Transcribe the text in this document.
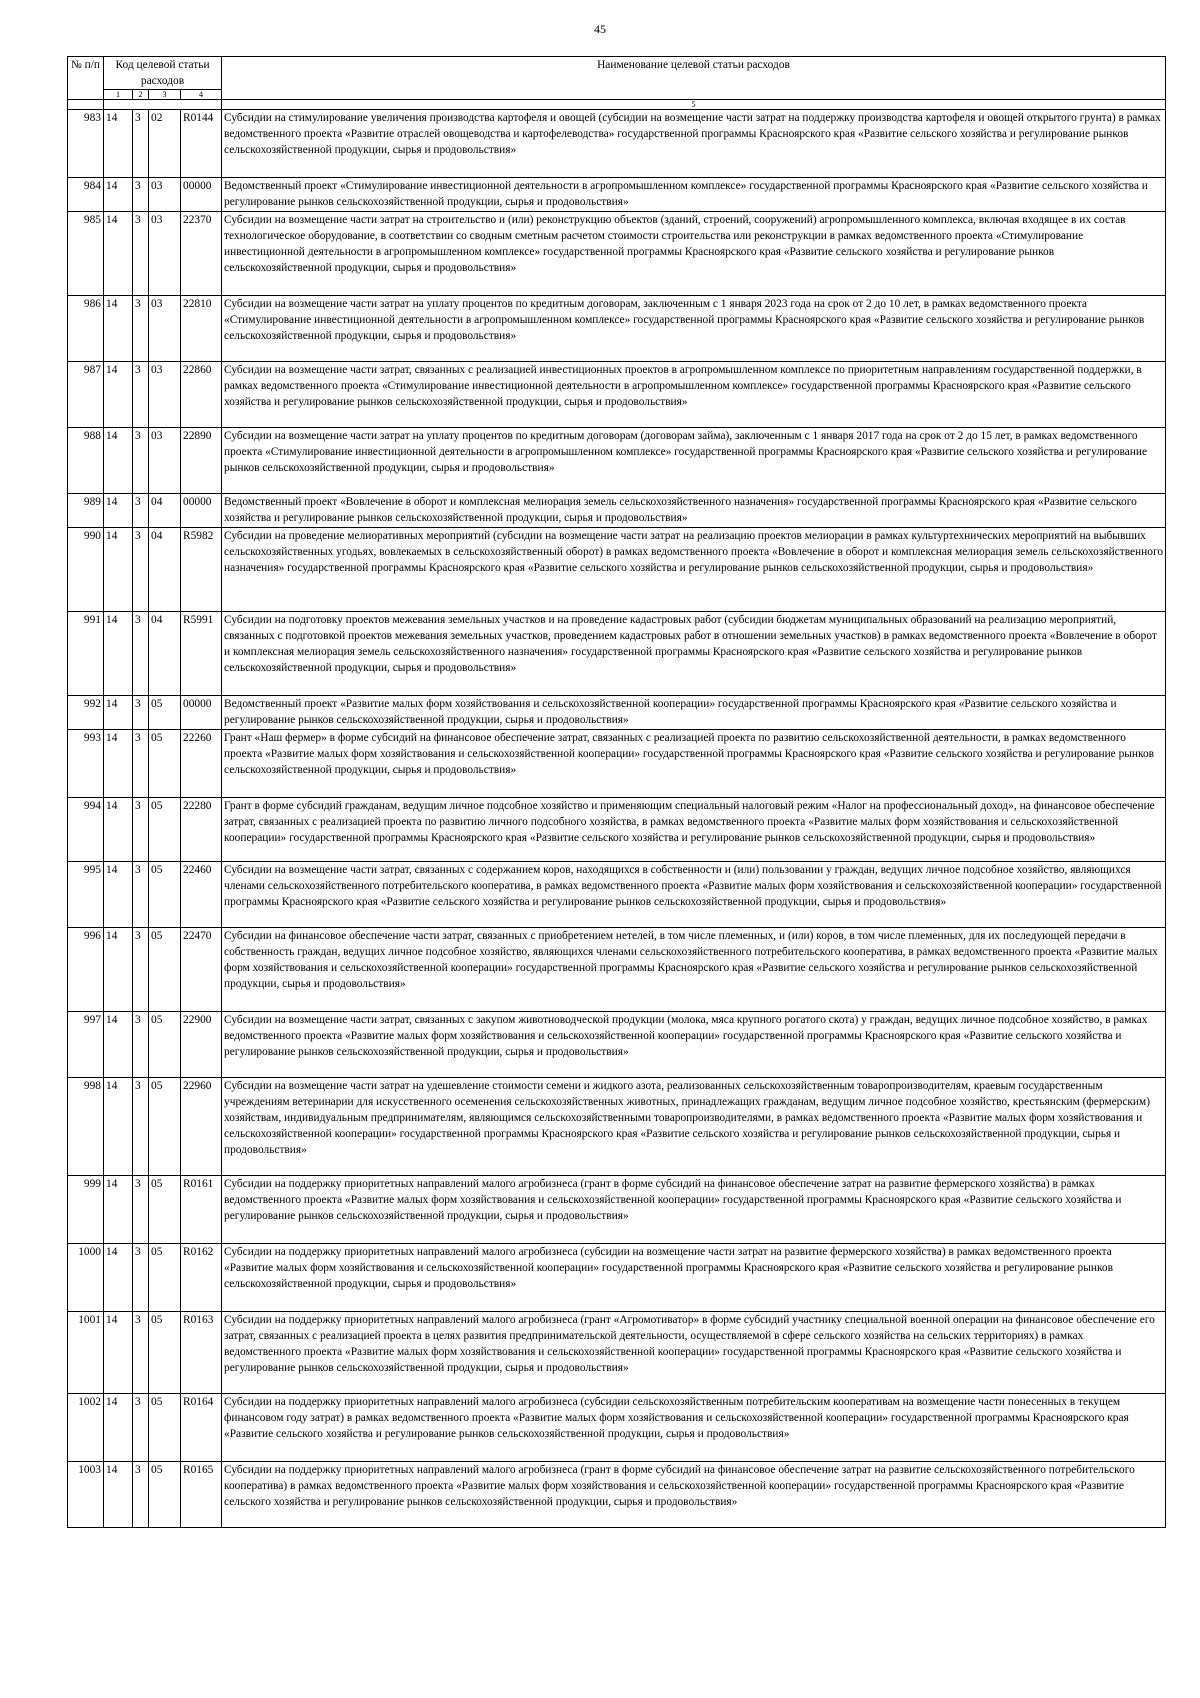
45
№ п/п	Код целевой статьи расходов				Наименование целевой статьи расходов
	1	2	3	4	
					5
983	14	3	02	R0144	Субсидии на стимулирование увеличения производства картофеля и овощей (субсидии на возмещение части затрат на поддержку производства картофеля и овощей открытого грунта) в рамках ведомственного проекта «Развитие отраслей овощеводства и картофелеводства» государственной программы Красноярского края «Развитие сельского хозяйства и регулирование рынков сельскохозяйственной продукции, сырья и продовольствия»
984	14	3	03	00000	Ведомственный проект «Стимулирование инвестиционной деятельности в агропромышленном комплексе» государственной программы Красноярского края «Развитие сельского хозяйства и регулирование рынков сельскохозяйственной продукции, сырья и продовольствия»
985	14	3	03	22370	Субсидии на возмещение части затрат на строительство и (или) реконструкцию объектов (зданий, строений, сооружений) агропромышленного комплекса, включая входящее в их состав технологическое оборудование, в соответствии со сводным сметным расчетом стоимости строительства или реконструкции в рамках ведомственного проекта «Стимулирование инвестиционной деятельности в агропромышленном комплексе» государственной программы Красноярского края «Развитие сельского хозяйства и регулирование рынков сельскохозяйственной продукции, сырья и продовольствия»
986	14	3	03	22810	Субсидии на возмещение части затрат на уплату процентов по кредитным договорам, заключенным с 1 января 2023 года на срок от 2 до 10 лет, в рамках ведомственного проекта «Стимулирование инвестиционной деятельности в агропромышленном комплексе» государственной программы Красноярского края «Развитие сельского хозяйства и регулирование рынков сельскохозяйственной продукции, сырья и продовольствия»
987	14	3	03	22860	Субсидии на возмещение части затрат, связанных с реализацией инвестиционных проектов в агропромышленном комплексе по приоритетным направлениям государственной поддержки, в рамках ведомственного проекта «Стимулирование инвестиционной деятельности в агропромышленном комплексе» государственной программы Красноярского края «Развитие сельского хозяйства и регулирование рынков сельскохозяйственной продукции, сырья и продовольствия»
988	14	3	03	22890	Субсидии на возмещение части затрат на уплату процентов по кредитным договорам (договорам займа), заключенным с 1 января 2017 года на срок от 2 до 15 лет, в рамках ведомственного проекта «Стимулирование инвестиционной деятельности в агропромышленном комплексе» государственной программы Красноярского края «Развитие сельского хозяйства и регулирование рынков сельскохозяйственной продукции, сырья и продовольствия»
989	14	3	04	00000	Ведомственный проект «Вовлечение в оборот и комплексная мелиорация земель сельскохозяйственного назначения» государственной программы Красноярского края «Развитие сельского хозяйства и регулирование рынков сельскохозяйственной продукции, сырья и продовольствия»
990	14	3	04	R5982	Субсидии на проведение мелиоративных мероприятий (субсидии на возмещение части затрат на реализацию проектов мелиорации в рамках культуртехнических мероприятий на выбывших сельскохозяйственных угодьях, вовлекаемых в сельскохозяйственный оборот) в рамках ведомственного проекта «Вовлечение в оборот и комплексная мелиорация земель сельскохозяйственного назначения» государственной программы Красноярского края «Развитие сельского хозяйства и регулирование рынков сельскохозяйственной продукции, сырья и продовольствия»
991	14	3	04	R5991	Субсидии на подготовку проектов межевания земельных участков и на проведение кадастровых работ (субсидии бюджетам муниципальных образований на реализацию мероприятий, связанных с подготовкой проектов межевания земельных участков, проведением кадастровых работ в отношении земельных участков) в рамках ведомственного проекта «Вовлечение в оборот и комплексная мелиорация земель сельскохозяйственного назначения» государственной программы Красноярского края «Развитие сельского хозяйства и регулирование рынков сельскохозяйственной продукции, сырья и продовольствия»
992	14	3	05	00000	Ведомственный проект «Развитие малых форм хозяйствования и сельскохозяйственной кооперации» государственной программы Красноярского края «Развитие сельского хозяйства и регулирование рынков сельскохозяйственной продукции, сырья и продовольствия»
993	14	3	05	22260	Грант «Наш фермер» в форме субсидий на финансовое обеспечение затрат, связанных с реализацией проекта по развитию сельскохозяйственной деятельности, в рамках ведомственного проекта «Развитие малых форм хозяйствования и сельскохозяйственной кооперации» государственной программы Красноярского края «Развитие сельского хозяйства и регулирование рынков сельскохозяйственной продукции, сырья и продовольствия»
994	14	3	05	22280	Грант в форме субсидий гражданам, ведущим личное подсобное хозяйство и применяющим специальный налоговый режим «Налог на профессиональный доход», на финансовое обеспечение затрат, связанных с реализацией проекта по развитию личного подсобного хозяйства, в рамках ведомственного проекта «Развитие малых форм хозяйствования и сельскохозяйственной кооперации» государственной программы Красноярского края «Развитие сельского хозяйства и регулирование рынков сельскохозяйственной продукции, сырья и продовольствия»
995	14	3	05	22460	Субсидии на возмещение части затрат, связанных с содержанием коров, находящихся в собственности и (или) пользовании у граждан, ведущих личное подсобное хозяйство, являющихся членами сельскохозяйственного потребительского кооператива, в рамках ведомственного проекта «Развитие малых форм хозяйствования и сельскохозяйственной кооперации» государственной программы Красноярского края «Развитие сельского хозяйства и регулирование рынков сельскохозяйственной продукции, сырья и продовольствия»
996	14	3	05	22470	Субсидии на финансовое обеспечение части затрат, связанных с приобретением нетелей, в том числе племенных, и (или) коров, в том числе племенных, для их последующей передачи в собственность граждан, ведущих личное подсобное хозяйство, являющихся членами сельскохозяйственного потребительского кооператива, в рамках ведомственного проекта «Развитие малых форм хозяйствования и сельскохозяйственной кооперации» государственной программы Красноярского края «Развитие сельского хозяйства и регулирование рынков сельскохозяйственной продукции, сырья и продовольствия»
997	14	3	05	22900	Субсидии на возмещение части затрат, связанных с закупом животноводческой продукции (молока, мяса крупного рогатого скота) у граждан, ведущих личное подсобное хозяйство, в рамках ведомственного проекта «Развитие малых форм хозяйствования и сельскохозяйственной кооперации» государственной программы Красноярского края «Развитие сельского хозяйства и регулирование рынков сельскохозяйственной продукции, сырья и продовольствия»
998	14	3	05	22960	Субсидии на возмещение части затрат на удешевление стоимости семени и жидкого азота, реализованных сельскохозяйственным товаропроизводителям, краевым государственным учреждениям ветеринарии для искусственного осеменения сельскохозяйственных животных, принадлежащих гражданам, ведущим личное подсобное хозяйство, крестьянским (фермерским) хозяйствам, индивидуальным предпринимателям, являющимся сельскохозяйственными товаропроизводителями, в рамках ведомственного проекта «Развитие малых форм хозяйствования и сельскохозяйственной кооперации» государственной программы Красноярского края «Развитие сельского хозяйства и регулирование рынков сельскохозяйственной продукции, сырья и продовольствия»
999	14	3	05	R0161	Субсидии на поддержку приоритетных направлений малого агробизнеса (грант в форме субсидий на финансовое обеспечение затрат на развитие фермерского хозяйства) в рамках ведомственного проекта «Развитие малых форм хозяйствования и сельскохозяйственной кооперации» государственной программы Красноярского края «Развитие сельского хозяйства и регулирование рынков сельскохозяйственной продукции, сырья и продовольствия»
1000	14	3	05	R0162	Субсидии на поддержку приоритетных направлений малого агробизнеса (субсидии на возмещение части затрат на развитие фермерского хозяйства) в рамках ведомственного проекта «Развитие малых форм хозяйствования и сельскохозяйственной кооперации» государственной программы Красноярского края «Развитие сельского хозяйства и регулирование рынков сельскохозяйственной продукции, сырья и продовольствия»
1001	14	3	05	R0163	Субсидии на поддержку приоритетных направлений малого агробизнеса (грант «Агромотиватор» в форме субсидий участнику специальной военной операции на финансовое обеспечение его затрат, связанных с реализацией проекта в целях развития предпринимательской деятельности, осуществляемой в сфере сельского хозяйства на сельских территориях) в рамках ведомственного проекта «Развитие малых форм хозяйствования и сельскохозяйственной кооперации» государственной программы Красноярского края «Развитие сельского хозяйства и регулирование рынков сельскохозяйственной продукции, сырья и продовольствия»
1002	14	3	05	R0164	Субсидии на поддержку приоритетных направлений малого агробизнеса (субсидии сельскохозяйственным потребительским кооперативам на возмещение части понесенных в текущем финансовом году затрат) в рамках ведомственного проекта «Развитие малых форм хозяйствования и сельскохозяйственной кооперации» государственной программы Красноярского края «Развитие сельского хозяйства и регулирование рынков сельскохозяйственной продукции, сырья и продовольствия»
1003	14	3	05	R0165	Субсидии на поддержку приоритетных направлений малого агробизнеса (грант в форме субсидий на финансовое обеспечение затрат на развитие сельскохозяйственного потребительского кооператива) в рамках ведомственного проекта «Развитие малых форм хозяйствования и сельскохозяйственной кооперации» государственной программы Красноярского края «Развитие сельского хозяйства и регулирование рынков сельскохозяйственной продукции, сырья и продовольствия»
